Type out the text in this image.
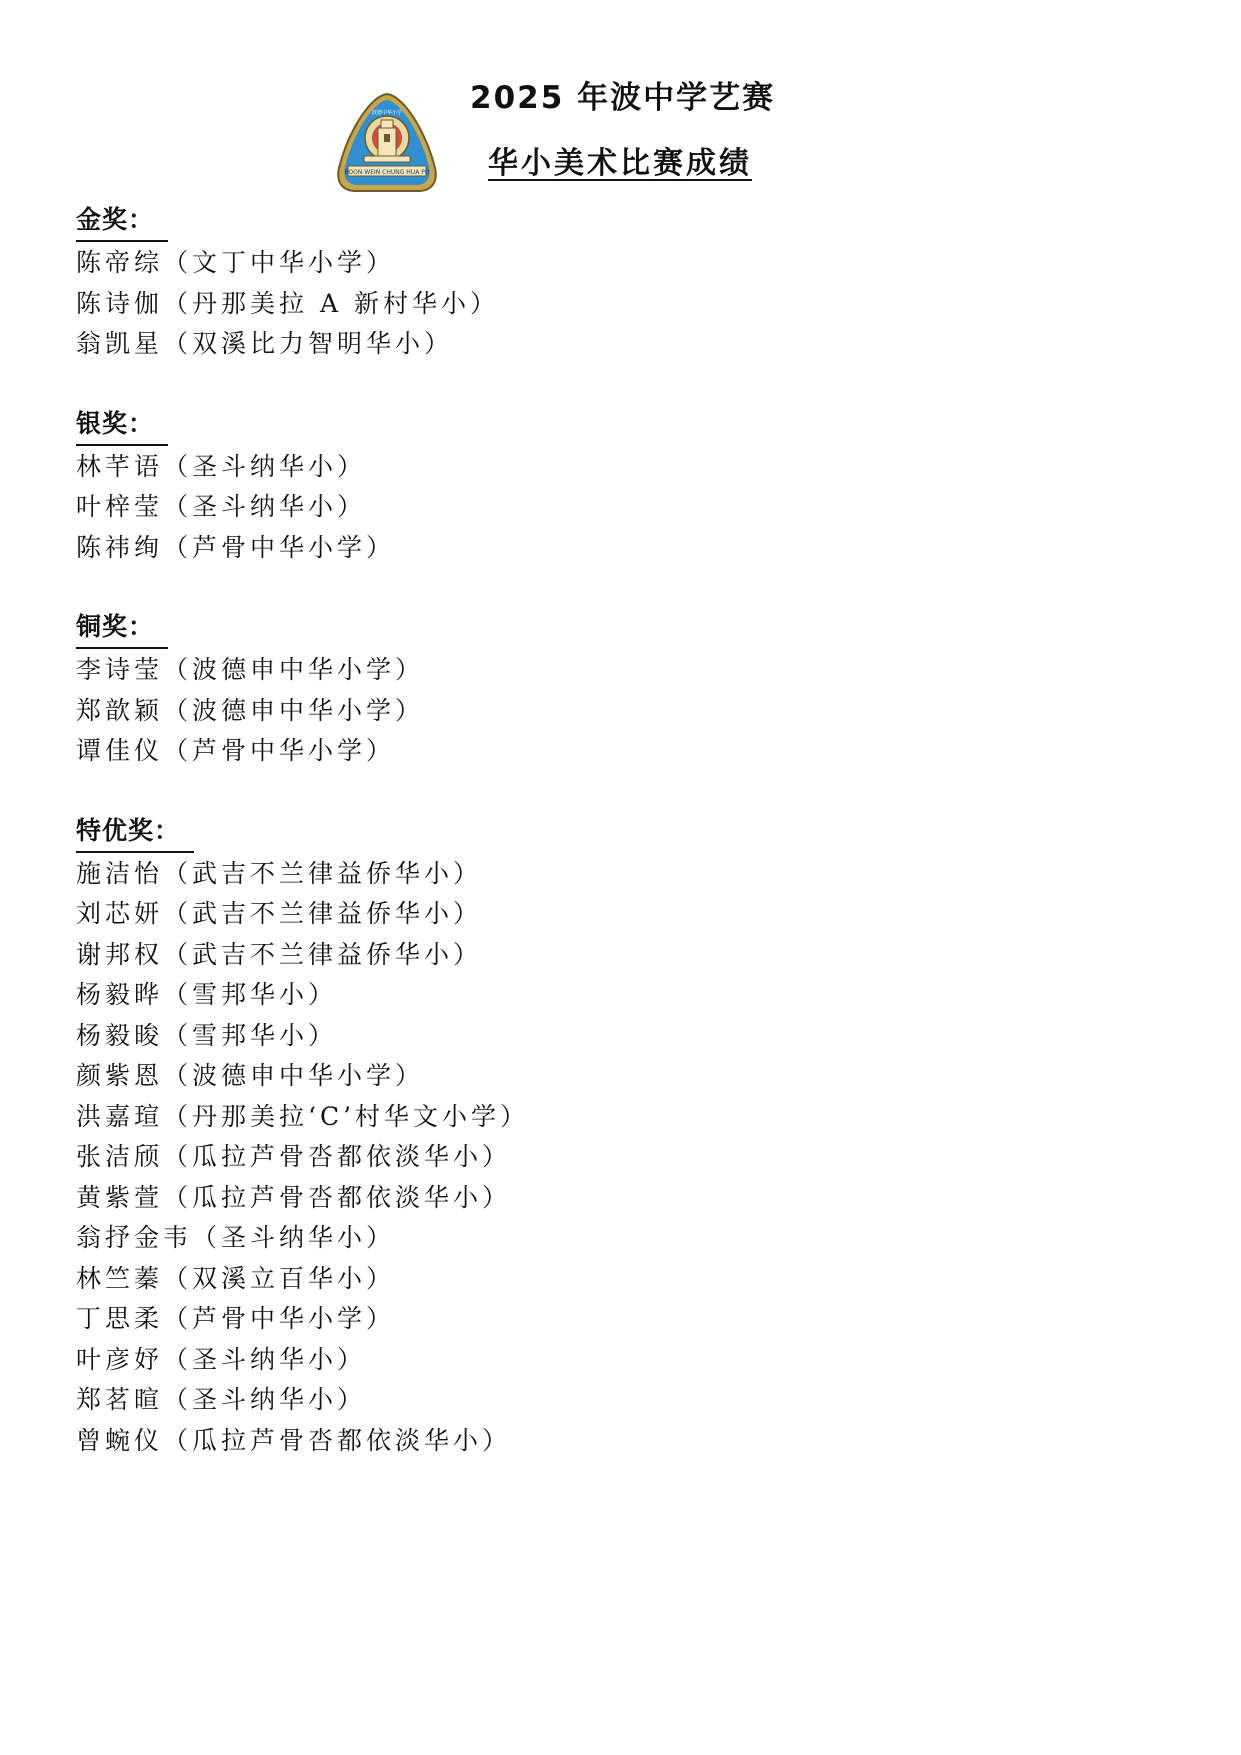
BOON WEIN CHUNG HUA PO
波德中华小学 2025 年波中学艺赛
华小美术比赛成绩
金奖：
陈帝综（文丁中华小学）
陈诗伽（丹那美拉 A 新村华小）
翁凯星（双溪比力智明华小）
银奖：
林芊语（圣斗纳华小）
叶梓莹（圣斗纳华小）
陈祎绚（芦骨中华小学）
铜奖：
李诗莹（波德申中华小学）
郑歆颖（波德申中华小学）
谭佳仪（芦骨中华小学）
特优奖：
施洁怡（武吉不兰律益侨华小）
刘芯妍（武吉不兰律益侨华小）
谢邦权（武吉不兰律益侨华小）
杨毅晔（雪邦华小）
杨毅晙（雪邦华小）
颜紫恩（波德申中华小学）
洪嘉瑄（丹那美拉‘C’村华文小学）
张洁颀（瓜拉芦骨呇都依淡华小）
黄紫萱（瓜拉芦骨呇都依淡华小）
翁抒金韦（圣斗纳华小）
林竺蓁（双溪立百华小）
丁思柔（芦骨中华小学）
叶彦妤（圣斗纳华小）
郑茗暄（圣斗纳华小）
曾蜿仪（瓜拉芦骨呇都依淡华小）
